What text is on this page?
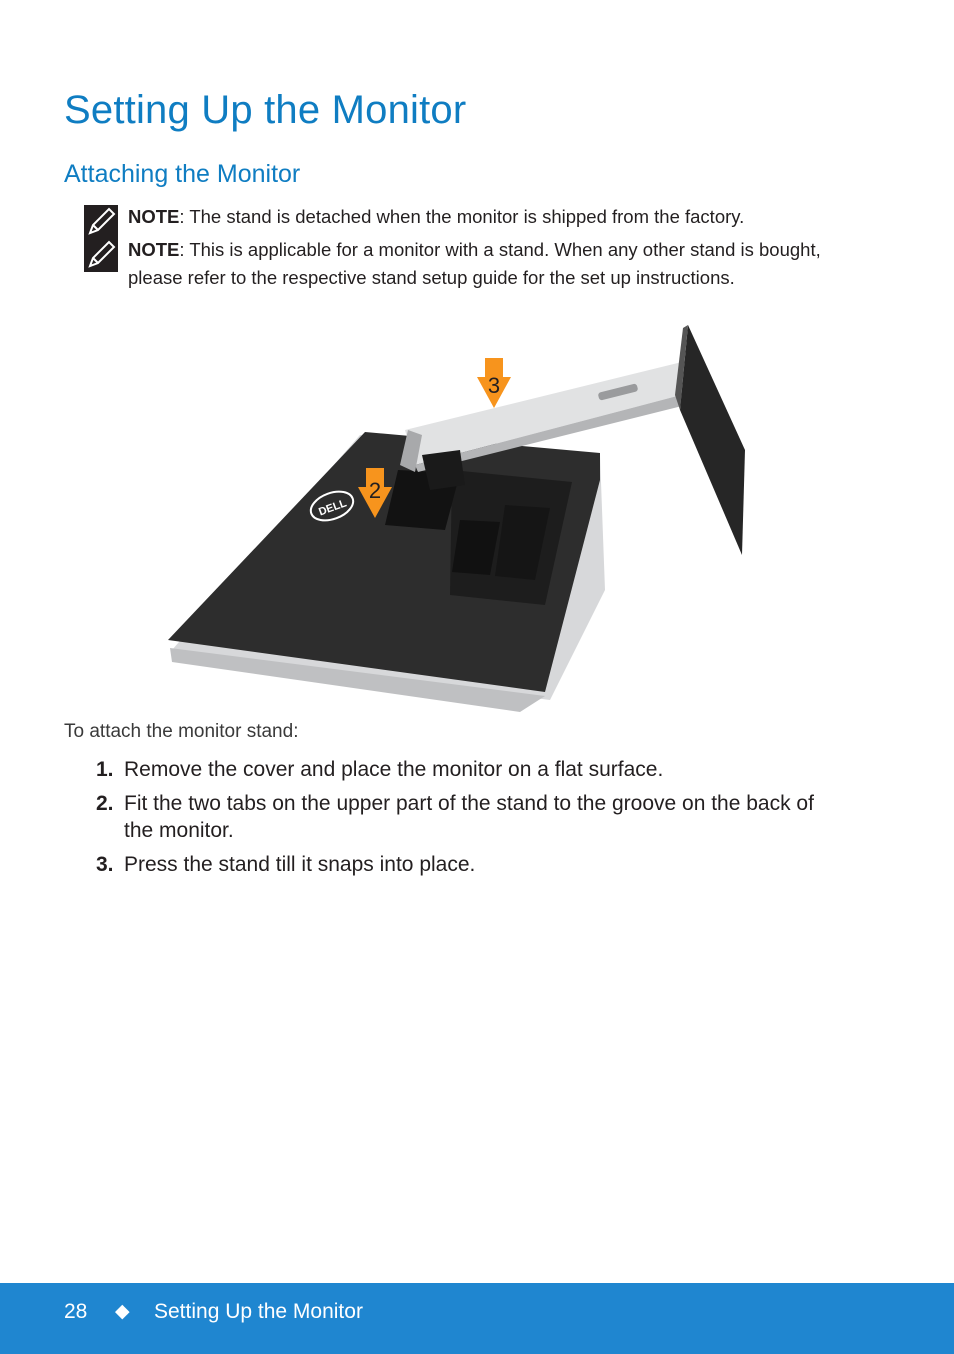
Setting Up the Monitor
Attaching the Monitor
NOTE: The stand is detached when the monitor is shipped from the factory.
NOTE: This is applicable for a monitor with a stand. When any other stand is bought, please refer to the respective stand setup guide for the set up instructions.
3
2
DELL

To attach the monitor stand:

1. Remove the cover and place the monitor on a flat surface.
2. Fit the two tabs on the upper part of the stand to the groove on the back of the monitor.
3. Press the stand till it snaps into place.
28 ◆ Setting Up the Monitor
